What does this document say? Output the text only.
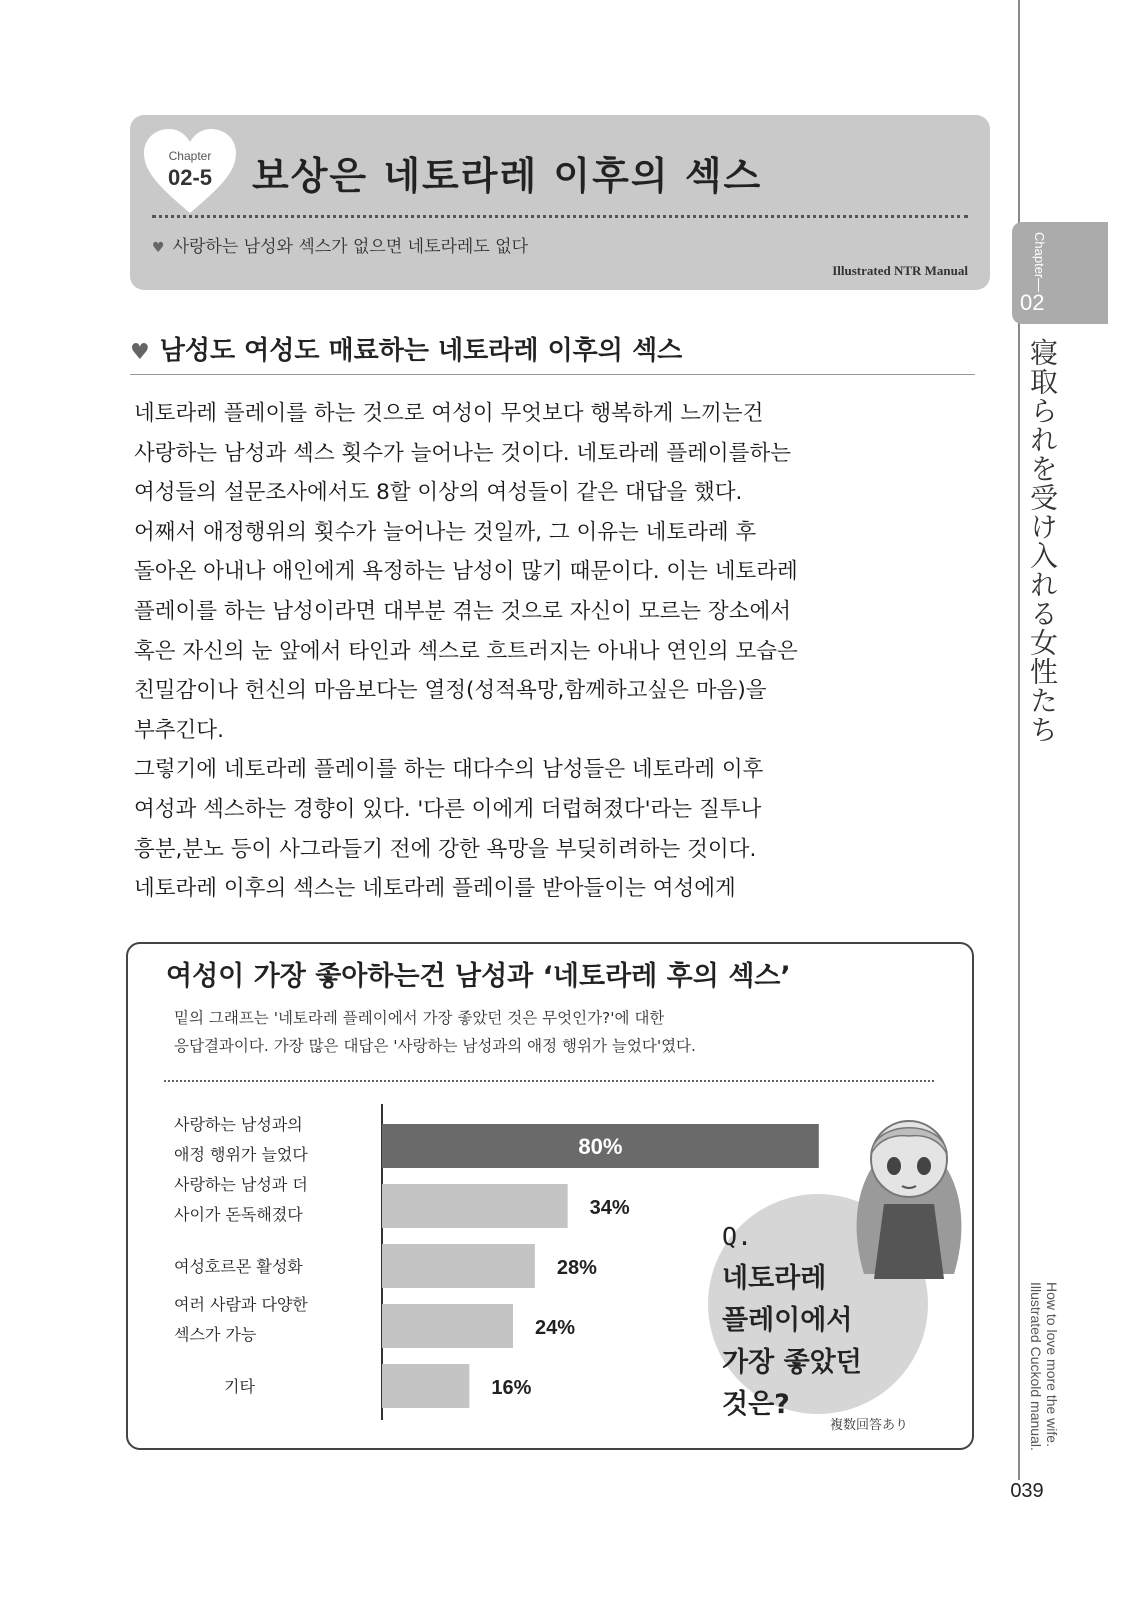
Chapter
02-5	보상은 네토라레 이후의 섹스
♥ 사랑하는 남성와 섹스가 없으면 네토라레도 없다
Illustrated NTR Manual	Chapter
02
寝取られを受け入れる女性たち
How to love more the wife.
Illustrated Cuckold manual.
039
♥ 남성도 여성도 매료하는 네토라레 이후의 섹스
네토라레 플레이를 하는 것으로 여성이 무엇보다 행복하게 느끼는건
사랑하는 남성과 섹스 횟수가 늘어나는 것이다. 네토라레 플레이를하는
여성들의 설문조사에서도 8할 이상의 여성들이 같은 대답을 했다.
어째서 애정행위의 횟수가 늘어나는 것일까, 그 이유는 네토라레 후
돌아온 아내나 애인에게 욕정하는 남성이 많기 때문이다. 이는 네토라레
플레이를 하는 남성이라면 대부분 겪는 것으로 자신이 모르는 장소에서
혹은 자신의 눈 앞에서 타인과 섹스로 흐트러지는 아내나 연인의 모습은
친밀감이나 헌신의 마음보다는 열정(성적욕망,함께하고싶은 마음)을
부추긴다.
그렇기에 네토라레 플레이를 하는 대다수의 남성들은 네토라레 이후
여성과 섹스하는 경향이 있다. '다른 이에게 더럽혀졌다'라는 질투나
흥분,분노 등이 사그라들기 전에 강한 욕망을 부딪히려하는 것이다.
네토라레 이후의 섹스는 네토라레 플레이를 받아들이는 여성에게
여성이 가장 좋아하는건 남성과 ‘네토라레 후의 섹스’
밑의 그래프는 '네토라레 플레이에서 가장 좋았던 것은 무엇인가?'에 대한
응답결과이다. 가장 많은 대답은 '사랑하는 남성과의 애정 행위가 늘었다'였다.
80%
사랑하는 남성과의
애정 행위가 늘었다
34%
사랑하는 남성과 더
사이가 돈독해졌다
28%
여성호르몬 활성화
24%
여러 사람과 다양한
섹스가 가능
16%
기타
Q.
네토라레
플레이에서
가장 좋았던
것은?
複数回答あり
